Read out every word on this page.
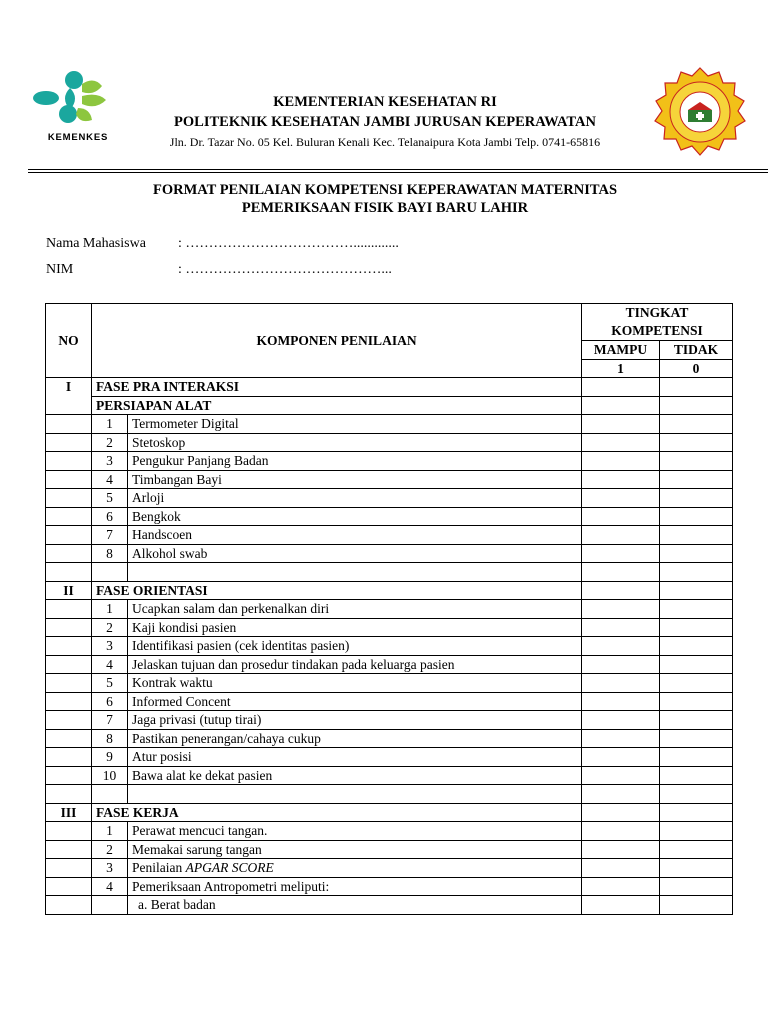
KEMENKES
KEMENTERIAN KESEHATAN RI
POLITEKNIK KESEHATAN JAMBI JURUSAN KEPERAWATAN
Jln. Dr. Tazar No. 05 Kel. Buluran Kenali Kec. Telanaipura Kota Jambi Telp. 0741-65816
FORMAT PENILAIAN KOMPETENSI KEPERAWATAN MATERNITAS
PEMERIKSAAN FISIK BAYI BARU LAHIR
Nama Mahasiswa : ……………………………….............
NIM	: ……………………………………...
NO	KOMPONEN PENILAIAN		TINGKAT
KOMPETENSI	
			MAMPU	TIDAK
			1	0
I	FASE PRA INTERAKSI			
	PERSIAPAN ALAT			
	1	Termometer Digital		
	2	Stetoskop		
	3	Pengukur Panjang Badan		
	4	Timbangan Bayi		
	5	Arloji		
	6	Bengkok		
	7	Handscoen		
	8	Alkohol swab		

II	FASE ORIENTASI			
	1	Ucapkan salam dan perkenalkan diri		
	2	Kaji kondisi pasien		
	3	Identifikasi pasien (cek identitas pasien)		
	4	Jelaskan tujuan dan prosedur tindakan pada keluarga pasien		
	5	Kontrak waktu		
	6	Informed Concent		
	7	Jaga privasi (tutup tirai)		
	8	Pastikan penerangan/cahaya cukup		
	9	Atur posisi		
	10	Bawa alat ke dekat pasien		

III	FASE KERJA			
	1	Perawat mencuci tangan.		
	2	Memakai sarung tangan		
	3	Penilaian APGAR SCORE		
	4	Pemeriksaan Antropometri meliputi:		
		a. Berat badan		
